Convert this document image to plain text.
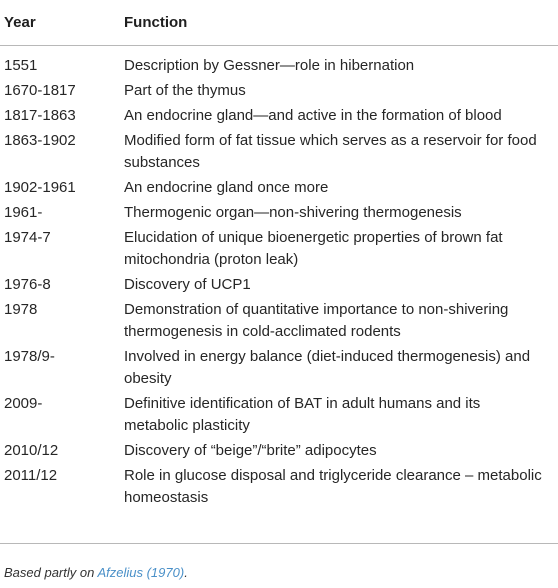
Year	Function
1551	Description by Gessner—role in hibernation
1670-1817	Part of the thymus
1817-1863	An endocrine gland—and active in the formation of blood
1863-1902	Modified form of fat tissue which serves as a reservoir for food substances
1902-1961	An endocrine gland once more
1961-	Thermogenic organ—non-shivering thermogenesis
1974-7	Elucidation of unique bioenergetic properties of brown fat mitochondria (proton leak)
1976-8	Discovery of UCP1
1978	Demonstration of quantitative importance to non-shivering thermogenesis in cold-acclimated rodents
1978/9-	Involved in energy balance (diet-induced thermogenesis) and obesity
2009-	Definitive identification of BAT in adult humans and its metabolic plasticity
2010/12	Discovery of “beige”/“brite” adipocytes
2011/12	Role in glucose disposal and triglyceride clearance – metabolic homeostasis
Based partly on Afzelius (1970).
